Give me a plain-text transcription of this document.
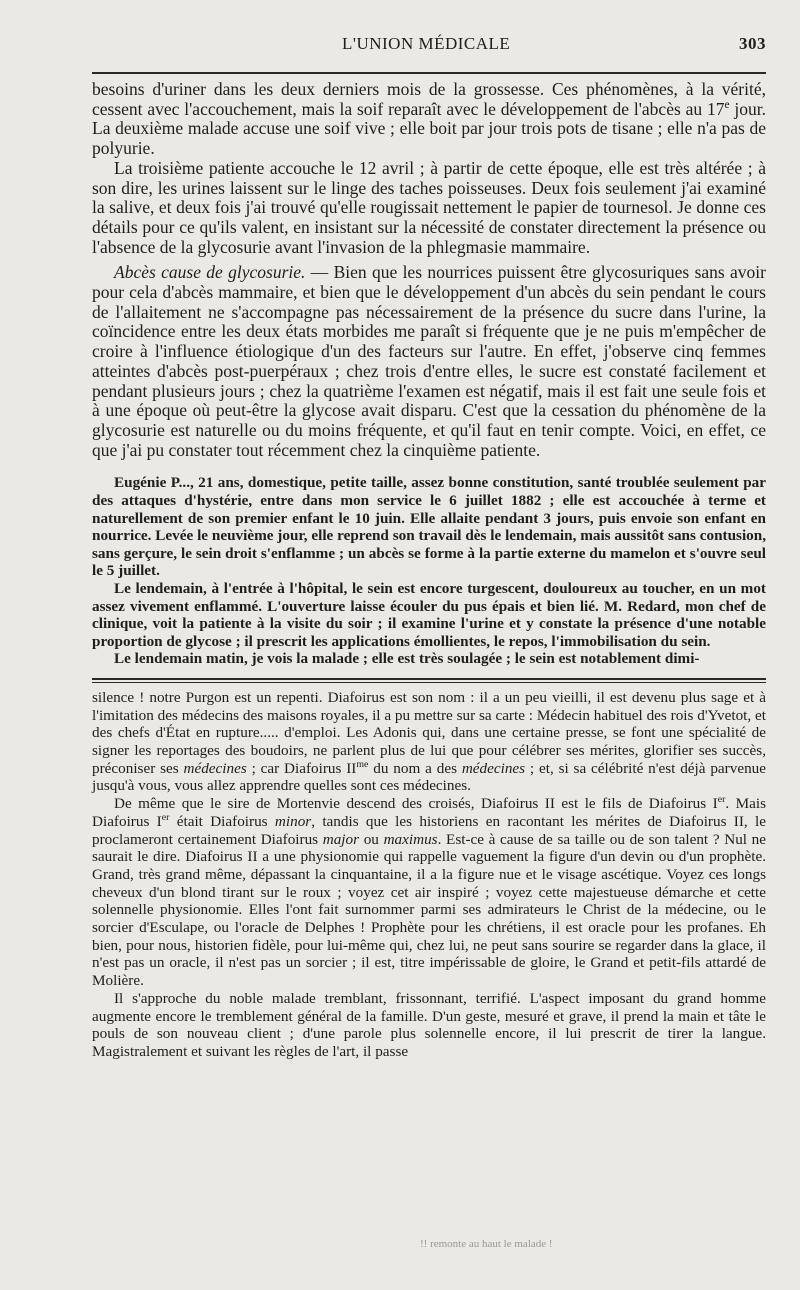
L'UNION MÉDICALE	303

besoins d'uriner dans les deux derniers mois de la grossesse. Ces phénomènes, à la vérité, cessent avec l'accouchement, mais la soif reparaît avec le développement de l'abcès au 17e jour. La deuxième malade accuse une soif vive ; elle boit par jour trois pots de tisane ; elle n'a pas de polyurie.

La troisième patiente accouche le 12 avril ; à partir de cette époque, elle est très altérée ; à son dire, les urines laissent sur le linge des taches poisseuses. Deux fois seulement j'ai examiné la salive, et deux fois j'ai trouvé qu'elle rougissait nettement le papier de tournesol. Je donne ces détails pour ce qu'ils valent, en insistant sur la nécessité de constater directement la présence ou l'absence de la glycosurie avant l'invasion de la phlegmasie mammaire.

Abcès cause de glycosurie. — Bien que les nourrices puissent être glycosuriques sans avoir pour cela d'abcès mammaire, et bien que le développement d'un abcès du sein pendant le cours de l'allaitement ne s'accompagne pas nécessairement de la présence du sucre dans l'urine, la coïncidence entre les deux états morbides me paraît si fréquente que je ne puis m'empêcher de croire à l'influence étiologique d'un des facteurs sur l'autre. En effet, j'observe cinq femmes atteintes d'abcès post-puerpéraux ; chez trois d'entre elles, le sucre est constaté facilement et pendant plusieurs jours ; chez la quatrième l'examen est négatif, mais il est fait une seule fois et à une époque où peut-être la glycose avait disparu. C'est que la cessation du phénomène de la glycosurie est naturelle ou du moins fréquente, et qu'il faut en tenir compte. Voici, en effet, ce que j'ai pu constater tout récemment chez la cinquième patiente.

Eugénie P..., 21 ans, domestique, petite taille, assez bonne constitution, santé troublée seulement par des attaques d'hystérie, entre dans mon service le 6 juillet 1882 ; elle est accouchée à terme et naturellement de son premier enfant le 10 juin. Elle allaite pendant 3 jours, puis envoie son enfant en nourrice. Levée le neuvième jour, elle reprend son travail dès le lendemain, mais aussitôt sans contusion, sans gerçure, le sein droit s'enflamme ; un abcès se forme à la partie externe du mamelon et s'ouvre seul le 5 juillet.

Le lendemain, à l'entrée à l'hôpital, le sein est encore turgescent, douloureux au toucher, en un mot assez vivement enflammé. L'ouverture laisse écouler du pus épais et bien lié. M. Redard, mon chef de clinique, voit la patiente à la visite du soir ; il examine l'urine et y constate la présence d'une notable proportion de glycose ; il prescrit les applications émollientes, le repos, l'immobilisation du sein.

Le lendemain matin, je vois la malade ; elle est très soulagée ; le sein est notablement dimi-

silence ! notre Purgon est un repenti. Diafoirus est son nom : il a un peu vieilli, il est devenu plus sage et à l'imitation des médecins des maisons royales, il a pu mettre sur sa carte : Médecin habituel des rois d'Yvetot, et des chefs d'État en rupture..... d'emploi. Les Adonis qui, dans une certaine presse, se font une spécialité de signer les reportages des boudoirs, ne parlent plus de lui que pour célébrer ses mérites, glorifier ses succès, préconiser ses médecines ; car Diafoirus $II^{me}$ du nom a des médecines ; et, si sa célébrité n'est déjà parvenue jusqu'à vous, vous allez apprendre quelles sont ces médecines.

De même que le sire de Mortenvie descend des croisés, Diafoirus II est le fils de Diafoirus Ier. Mais Diafoirus Ier était Diafoirus minor, tandis que les historiens en racontant les mérites de Diafoirus II, le proclameront certainement Diafoirus major ou maximus. Est-ce à cause de sa taille ou de son talent ? Nul ne saurait le dire. Diafoirus II a une physionomie qui rappelle vaguement la figure d'un devin ou d'un prophète. Grand, très grand même, dépassant la cinquantaine, il a la figure nue et le visage ascétique. Voyez ces longs cheveux d'un blond tirant sur le roux ; voyez cet air inspiré ; voyez cette majestueuse démarche et cette solennelle physionomie. Elles l'ont fait surnommer parmi ses admirateurs le Christ de la médecine, ou le sorcier d'Esculape, ou l'oracle de Delphes ! Prophète pour les chrétiens, il est oracle pour les profanes. Eh bien, pour nous, historien fidèle, pour lui-même qui, chez lui, ne peut sans sourire se regarder dans la glace, il n'est pas un oracle, il n'est pas un sorcier ; il est, titre impérissable de gloire, le Grand et petit-fils attardé de Molière.

Il s'approche du noble malade tremblant, frissonnant, terrifié. L'aspect imposant du grand homme augmente encore le tremblement général de la famille. D'un geste, mesuré et grave, il prend la main et tâte le pouls de son nouveau client ; d'une parole plus solennelle encore, il lui prescrit de tirer la langue. Magistralement et suivant les règles de l'art, il passe

!! remonte au haut le malade !
